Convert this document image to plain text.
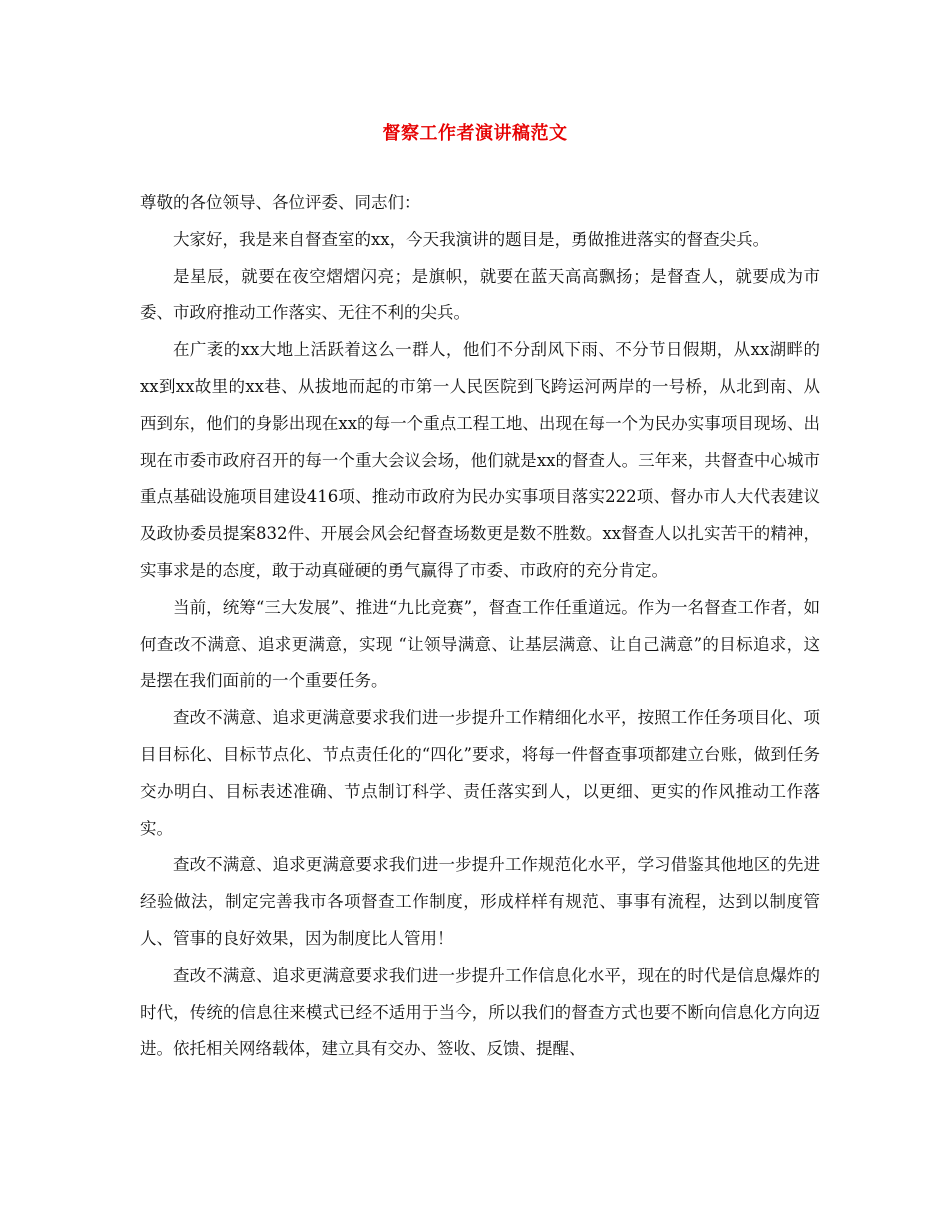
督察工作者演讲稿范文

尊敬的各位领导、各位评委、同志们：

大家好，我是来自督查室的xx，今天我演讲的题目是，勇做推进落实的督查尖兵。

是星辰，就要在夜空熠熠闪亮；是旗帜，就要在蓝天高高飘扬；是督查人，就要成为市委、市政府推动工作落实、无往不利的尖兵。

在广袤的xx大地上活跃着这么一群人，他们不分刮风下雨、不分节日假期，从xx湖畔的xx到xx故里的xx巷、从拔地而起的市第一人民医院到飞跨运河两岸的一号桥，从北到南、从西到东，他们的身影出现在xx的每一个重点工程工地、出现在每一个为民办实事项目现场、出现在市委市政府召开的每一个重大会议会场，他们就是xx的督查人。三年来，共督查中心城市重点基础设施项目建设416项、推动市政府为民办实事项目落实222项、督办市人大代表建议及政协委员提案832件、开展会风会纪督查场数更是数不胜数。xx督查人以扎实苦干的精神，实事求是的态度，敢于动真碰硬的勇气赢得了市委、市政府的充分肯定。

当前，统筹“三大发展”、推进“九比竞赛”，督查工作任重道远。作为一名督查工作者，如何查改不满意、追求更满意，实现 “让领导满意、让基层满意、让自己满意”的目标追求，这是摆在我们面前的一个重要任务。

查改不满意、追求更满意要求我们进一步提升工作精细化水平，按照工作任务项目化、项目目标化、目标节点化、节点责任化的“四化”要求，将每一件督查事项都建立台账，做到任务交办明白、目标表述准确、节点制订科学、责任落实到人，以更细、更实的作风推动工作落实。

查改不满意、追求更满意要求我们进一步提升工作规范化水平，学习借鉴其他地区的先进经验做法，制定完善我市各项督查工作制度，形成样样有规范、事事有流程，达到以制度管人、管事的良好效果，因为制度比人管用！

查改不满意、追求更满意要求我们进一步提升工作信息化水平，现在的时代是信息爆炸的时代，传统的信息往来模式已经不适用于当今，所以我们的督查方式也要不断向信息化方向迈进。依托相关网络载体，建立具有交办、签收、反馈、提醒、
